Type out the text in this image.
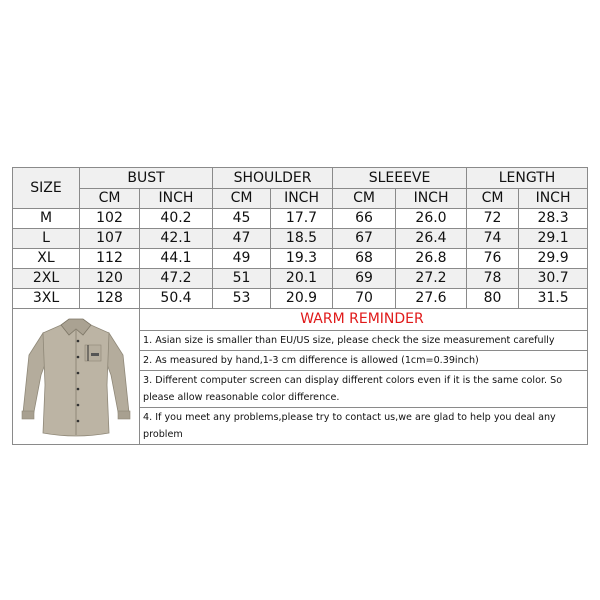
SIZE	BUST		SHOULDER		SLEEEVE		LENGTH	
	CM	INCH	CM	INCH	CM	INCH	CM	INCH
M	102	40.2	45	17.7	66	26.0	72	28.3
L	107	42.1	47	18.5	67	26.4	74	29.1
XL	112	44.1	49	19.3	68	26.8	76	29.9
2XL	120	47.2	51	20.1	69	27.2	78	30.7
3XL	128	50.4	53	20.9	70	27.6	80	31.5
	WARM REMINDER
1. Asian size is smaller than EU/US size, please check the size measurement carefully
2. As measured by hand,1-3 cm difference is allowed (1cm=0.39inch)
3. Different computer screen can display different colors even if it is the same color. So please allow reasonable color difference.
4. If you meet any problems,please try to contact us,we are glad to help you deal any problem
